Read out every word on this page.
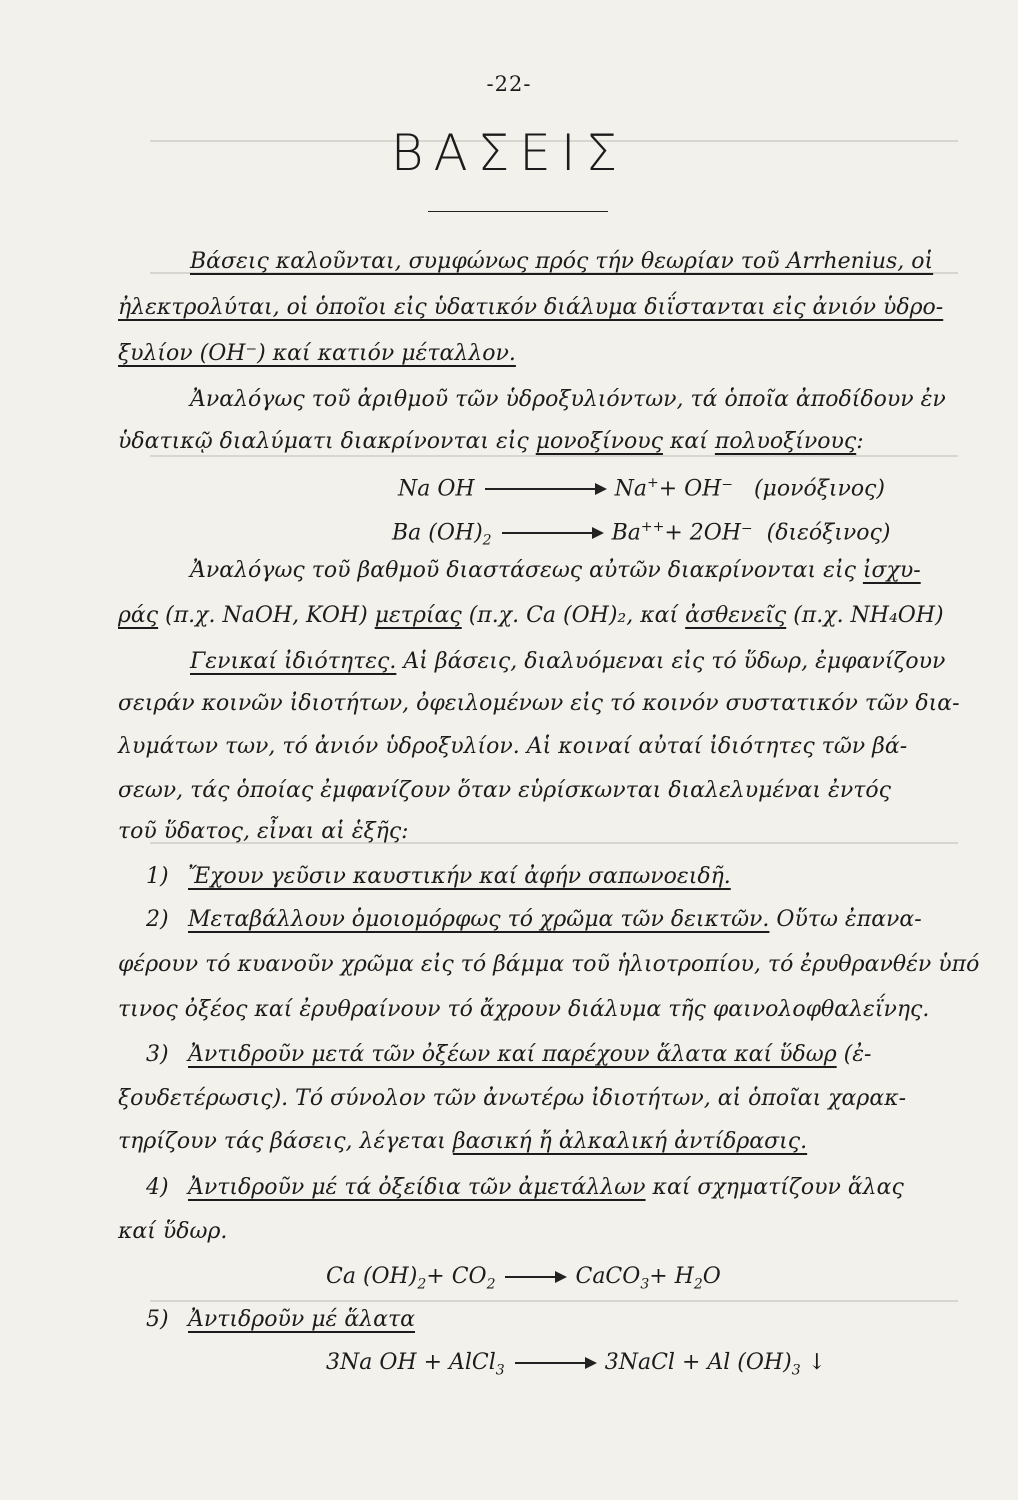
-22-
ΒΑΣΕΙΣ
Βάσεις καλοῦνται, συμφώνως πρός τήν θεωρίαν τοῦ Arrhenius, οἱ
ἠλεκτρολύται, οἱ ὁποῖοι εἰς ὑδατικόν διάλυμα διΐστανται εἰς ἀνιόν ὑδρο-
ξυλίον (OH⁻) καί κατιόν μέταλλον.
Ἀναλόγως τοῦ ἀριθμοῦ τῶν ὑδροξυλιόντων, τά ὁποῖα ἀποδίδουν ἐν
ὑδατικῷ διαλύματι διακρίνονται εἰς μονοξίνους καί πολυοξίνους:
Na OH	Na++ OH⁻ (μονόξινος)
Ba $(OH)_2$	Ba+++ 2OH⁻ (διεόξινος)
Ἀναλόγως τοῦ βαθμοῦ διαστάσεως αὐτῶν διακρίνονται εἰς ἰσχυ-
ράς (π.χ. NaOH, KOH) μετρίας (π.χ. Ca (OH)₂, καί ἀσθενεῖς (π.χ. NH₄OH)
Γενικαί ἰδιότητες. Αἱ βάσεις, διαλυόμεναι εἰς τό ὕδωρ, ἐμφανίζουν
σειράν κοινῶν ἰδιοτήτων, ὀφειλομένων εἰς τό κοινόν συστατικόν τῶν δια-
λυμάτων των, τό ἀνιόν ὑδροξυλίον. Αἱ κοιναί αὐταί ἰδιότητες τῶν βά-
σεων, τάς ὁποίας ἐμφανίζουν ὅταν εὑρίσκωνται διαλελυμέναι ἐντός
τοῦ ὕδατος, εἶναι αἱ ἑξῆς:
1) Ἔχουν γεῦσιν καυστικήν καί ἀφήν σαπωνοειδῆ.
2) Μεταβάλλουν ὁμοιομόρφως τό χρῶμα τῶν δεικτῶν. Οὕτω ἐπανα-
φέρουν τό κυανοῦν χρῶμα εἰς τό βάμμα τοῦ ἡλιοτροπίου, τό ἐρυθρανθέν ὑπό
τινος ὀξέος καί ἐρυθραίνουν τό ἄχρουν διάλυμα τῆς φαινολοφθαλεΐνης.
3) Ἀντιδροῦν μετά τῶν ὀξέων καί παρέχουν ἅλατα καί ὕδωρ (ἐ-
ξουδετέρωσις). Τό σύνολον τῶν ἀνωτέρω ἰδιοτήτων, αἱ ὁποῖαι χαρακ-
τηρίζουν τάς βάσεις, λέγεται βασική ἤ ἀλκαλική ἀντίδρασις.
4) Ἀντιδροῦν μέ τά ὀξείδια τῶν ἀμετάλλων καί σχηματίζουν ἅλας
καί ὕδωρ.
Ca $(OH)_2+ CO_2$ → CaCO$_3$+ $H_2O$
5) Ἀντιδροῦν μέ ἅλατα
3Na OH + AlCl$_3$ → 3NaCl + Al $(OH)_3$ ↓
